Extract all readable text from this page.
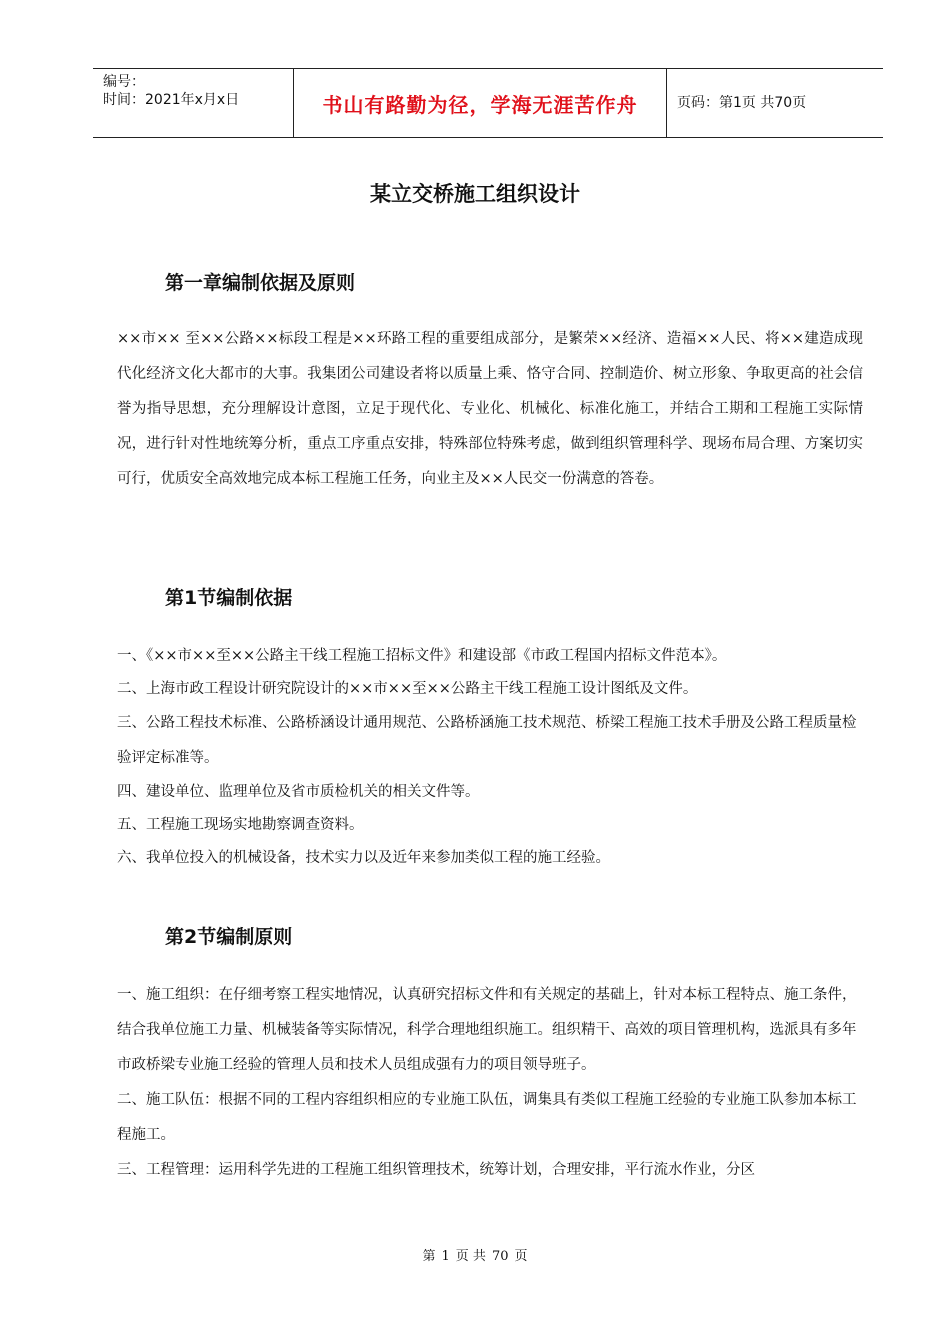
编号：
时间：2021年x月x日	书山有路勤为径，学海无涯苦作舟	页码：第1页 共70页
某立交桥施工组织设计
第一章编制依据及原则

××市×× 至××公路××标段工程是××环路工程的重要组成部分，是繁荣××经济、造福××人民、将××建造成现代化经济文化大都市的大事。我集团公司建设者将以质量上乘、恪守合同、控制造价、树立形象、争取更高的社会信誉为指导思想，充分理解设计意图，立足于现代化、专业化、机械化、标准化施工，并结合工期和工程施工实际情况，进行针对性地统筹分析，重点工序重点安排，特殊部位特殊考虑，做到组织管理科学、现场布局合理、方案切实可行，优质安全高效地完成本标工程施工任务，向业主及××人民交一份满意的答卷。

第1节编制依据
一、《××市××至××公路主干线工程施工招标文件》和建设部《市政工程国内招标文件范本》。
二、上海市政工程设计研究院设计的××市××至××公路主干线工程施工设计图纸及文件。
三、公路工程技术标准、公路桥涵设计通用规范、公路桥涵施工技术规范、桥梁工程施工技术手册及公路工程质量检验评定标准等。
四、建设单位、监理单位及省市质检机关的相关文件等。
五、工程施工现场实地勘察调查资料。
六、我单位投入的机械设备，技术实力以及近年来参加类似工程的施工经验。
第2节编制原则
一、施工组织：在仔细考察工程实地情况，认真研究招标文件和有关规定的基础上，针对本标工程特点、施工条件，结合我单位施工力量、机械装备等实际情况，科学合理地组织施工。组织精干、高效的项目管理机构，选派具有多年市政桥梁专业施工经验的管理人员和技术人员组成强有力的项目领导班子。
二、施工队伍：根据不同的工程内容组织相应的专业施工队伍，调集具有类似工程施工经验的专业施工队参加本标工程施工。
三、工程管理：运用科学先进的工程施工组织管理技术，统筹计划，合理安排，平行流水作业，分区
第 1 页 共 70 页
